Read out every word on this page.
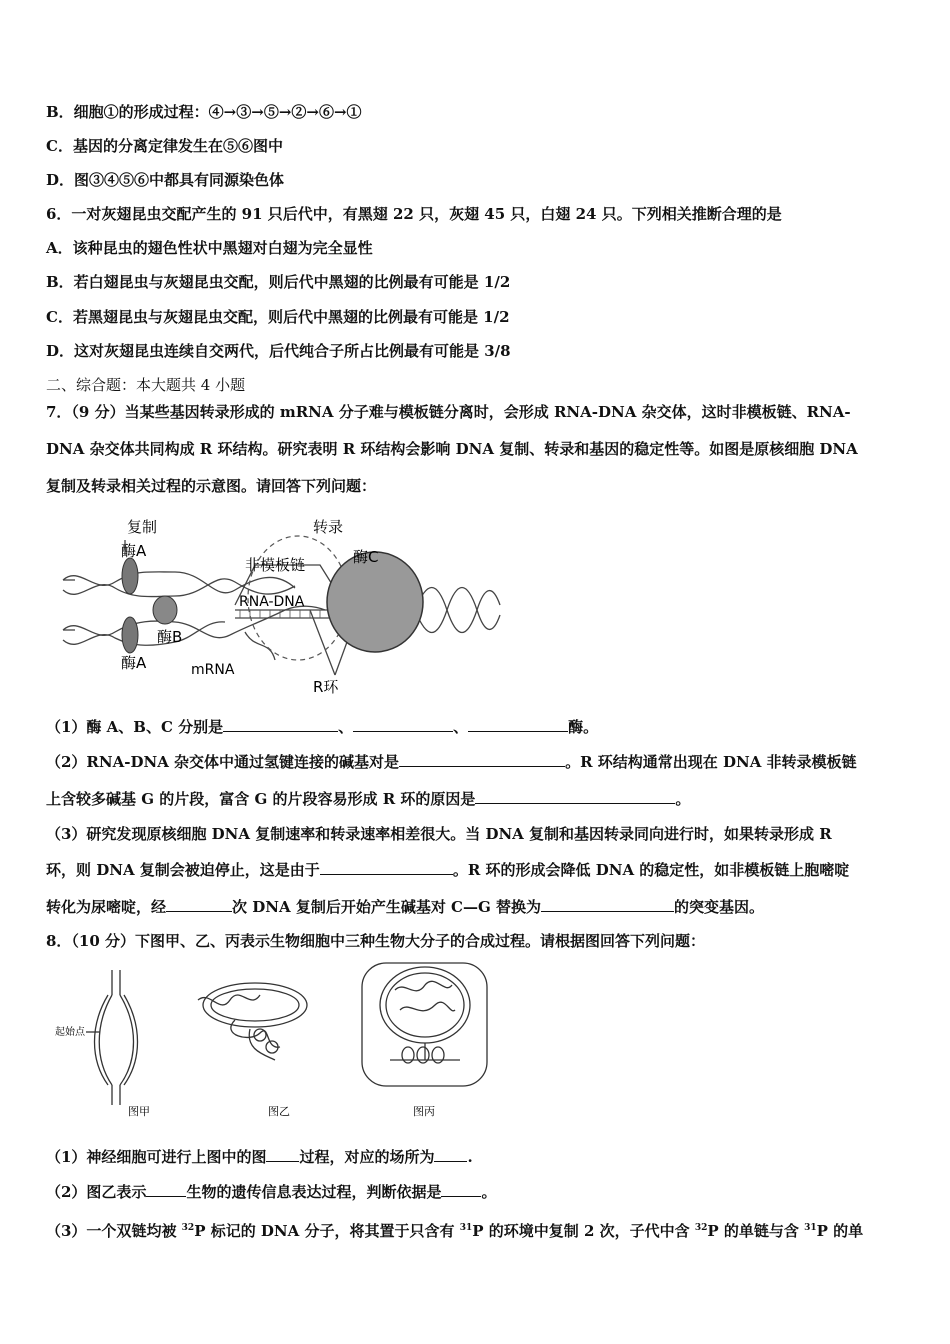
B．细胞①的形成过程：④→③→⑤→②→⑥→①
C．基因的分离定律发生在⑤⑥图中
D．图③④⑤⑥中都具有同源染色体
6．一对灰翅昆虫交配产生的 91 只后代中，有黑翅 22 只，灰翅 45 只，白翅 24 只。下列相关推断合理的是
A．该种昆虫的翅色性状中黑翅对白翅为完全显性
B．若白翅昆虫与灰翅昆虫交配，则后代中黑翅的比例最有可能是 1/2
C．若黑翅昆虫与灰翅昆虫交配，则后代中黑翅的比例最有可能是 1/2
D．这对灰翅昆虫连续自交两代，后代纯合子所占比例最有可能是 3/8
二、综合题：本大题共 4 小题
7．（9 分）当某些基因转录形成的 mRNA 分子难与模板链分离时，会形成 RNA-DNA 杂交体，这时非模板链、RNA-
DNA 杂交体共同构成 R 环结构。研究表明 R 环结构会影响 DNA 复制、转录和基因的稳定性等。如图是原核细胞 DNA
复制及转录相关过程的示意图。请回答下列问题：
复制	转录
酶A	酶C
非模板链
RNA-DNA
酶B
酶A	mRNA
R环
（1）酶 A、B、C 分别是	、	、	酶。
（2）RNA-DNA 杂交体中通过氢键连接的碱基对是	。R 环结构通常出现在 DNA 非转录模板链
上含较多碱基 G 的片段，富含 G 的片段容易形成 R 环的原因是	。
（3）研究发现原核细胞 DNA 复制速率和转录速率相差很大。当 DNA 复制和基因转录同向进行时，如果转录形成 R
环，则 DNA 复制会被迫停止，这是由于	。R 环的形成会降低 DNA 的稳定性，如非模板链上胞嘧啶
转化为尿嘧啶，经	次 DNA 复制后开始产生碱基对 C—G 替换为	的突变基因。
8．（10 分）下图甲、乙、丙表示生物细胞中三种生物大分子的合成过程。请根据图回答下列问题：
起始点
图甲	图乙	图丙
（1）神经细胞可进行上图中的图 过程，对应的场所为 .
（2）图乙表示	生物的遗传信息表达过程，判断依据是	。
（3）一个双链均被 $^{32}$P 标记的 DNA 分子，将其置于只含有 $^{31}$P 的环境中复制 2 次，子代中含 $^{32}$P 的单链与含 $^{31}$P 的单
